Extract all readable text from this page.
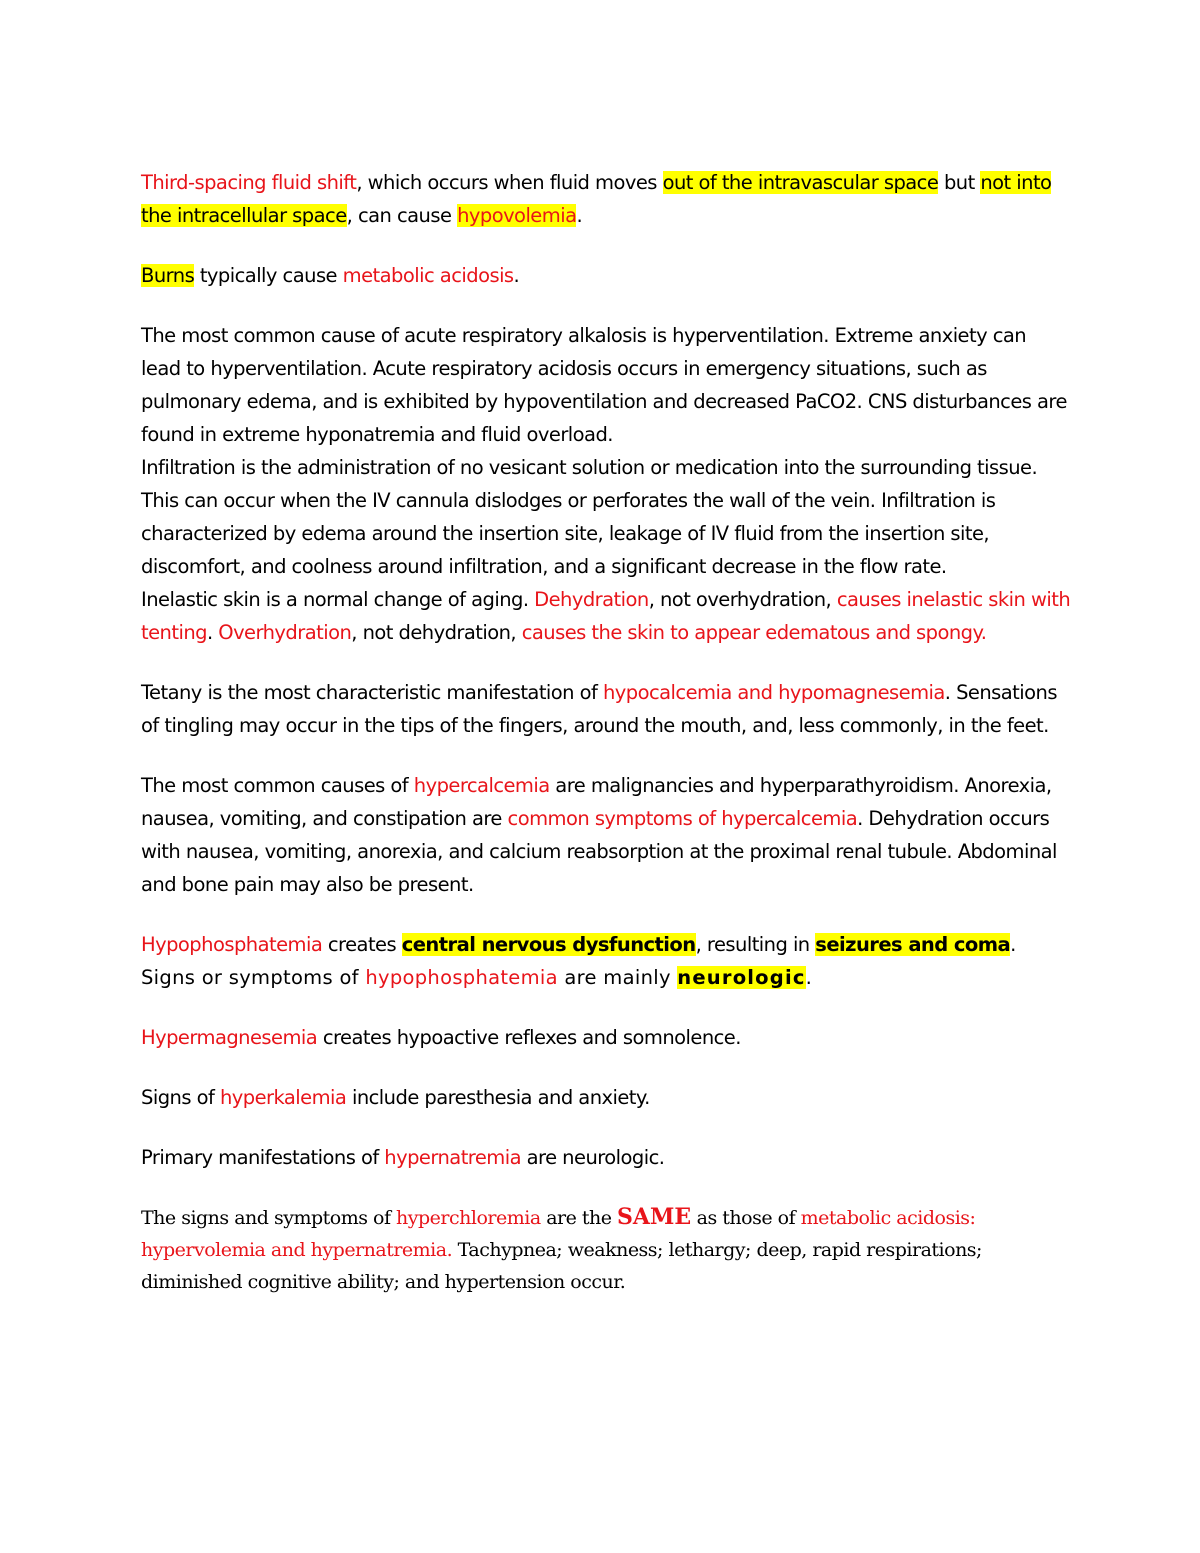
Third-spacing fluid shift, which occurs when fluid moves out of the intravascular space but not into the intracellular space, can cause hypovolemia.

Burns typically cause metabolic acidosis.

The most common cause of acute respiratory alkalosis is hyperventilation. Extreme anxiety can lead to hyperventilation. Acute respiratory acidosis occurs in emergency situations, such as pulmonary edema, and is exhibited by hypoventilation and decreased PaCO2. CNS disturbances are found in extreme hyponatremia and fluid overload.

Infiltration is the administration of no vesicant solution or medication into the surrounding tissue. This can occur when the IV cannula dislodges or perforates the wall of the vein. Infiltration is characterized by edema around the insertion site, leakage of IV fluid from the insertion site, discomfort, and coolness around infiltration, and a significant decrease in the flow rate.

Inelastic skin is a normal change of aging. Dehydration, not overhydration, causes inelastic skin with tenting. Overhydration, not dehydration, causes the skin to appear edematous and spongy.

Tetany is the most characteristic manifestation of hypocalcemia and hypomagnesemia. Sensations of tingling may occur in the tips of the fingers, around the mouth, and, less commonly, in the feet.

The most common causes of hypercalcemia are malignancies and hyperparathyroidism. Anorexia, nausea, vomiting, and constipation are common symptoms of hypercalcemia. Dehydration occurs with nausea, vomiting, anorexia, and calcium reabsorption at the proximal renal tubule. Abdominal and bone pain may also be present.

Hypophosphatemia creates central nervous dysfunction, resulting in seizures and coma. Signs or symptoms of hypophosphatemia are mainly neurologic.

Hypermagnesemia creates hypoactive reflexes and somnolence.

Signs of hyperkalemia include paresthesia and anxiety.

Primary manifestations of hypernatremia are neurologic.

The signs and symptoms of hyperchloremia are the SAME as those of metabolic acidosis: hypervolemia and hypernatremia. Tachypnea; weakness; lethargy; deep, rapid respirations; diminished cognitive ability; and hypertension occur.
